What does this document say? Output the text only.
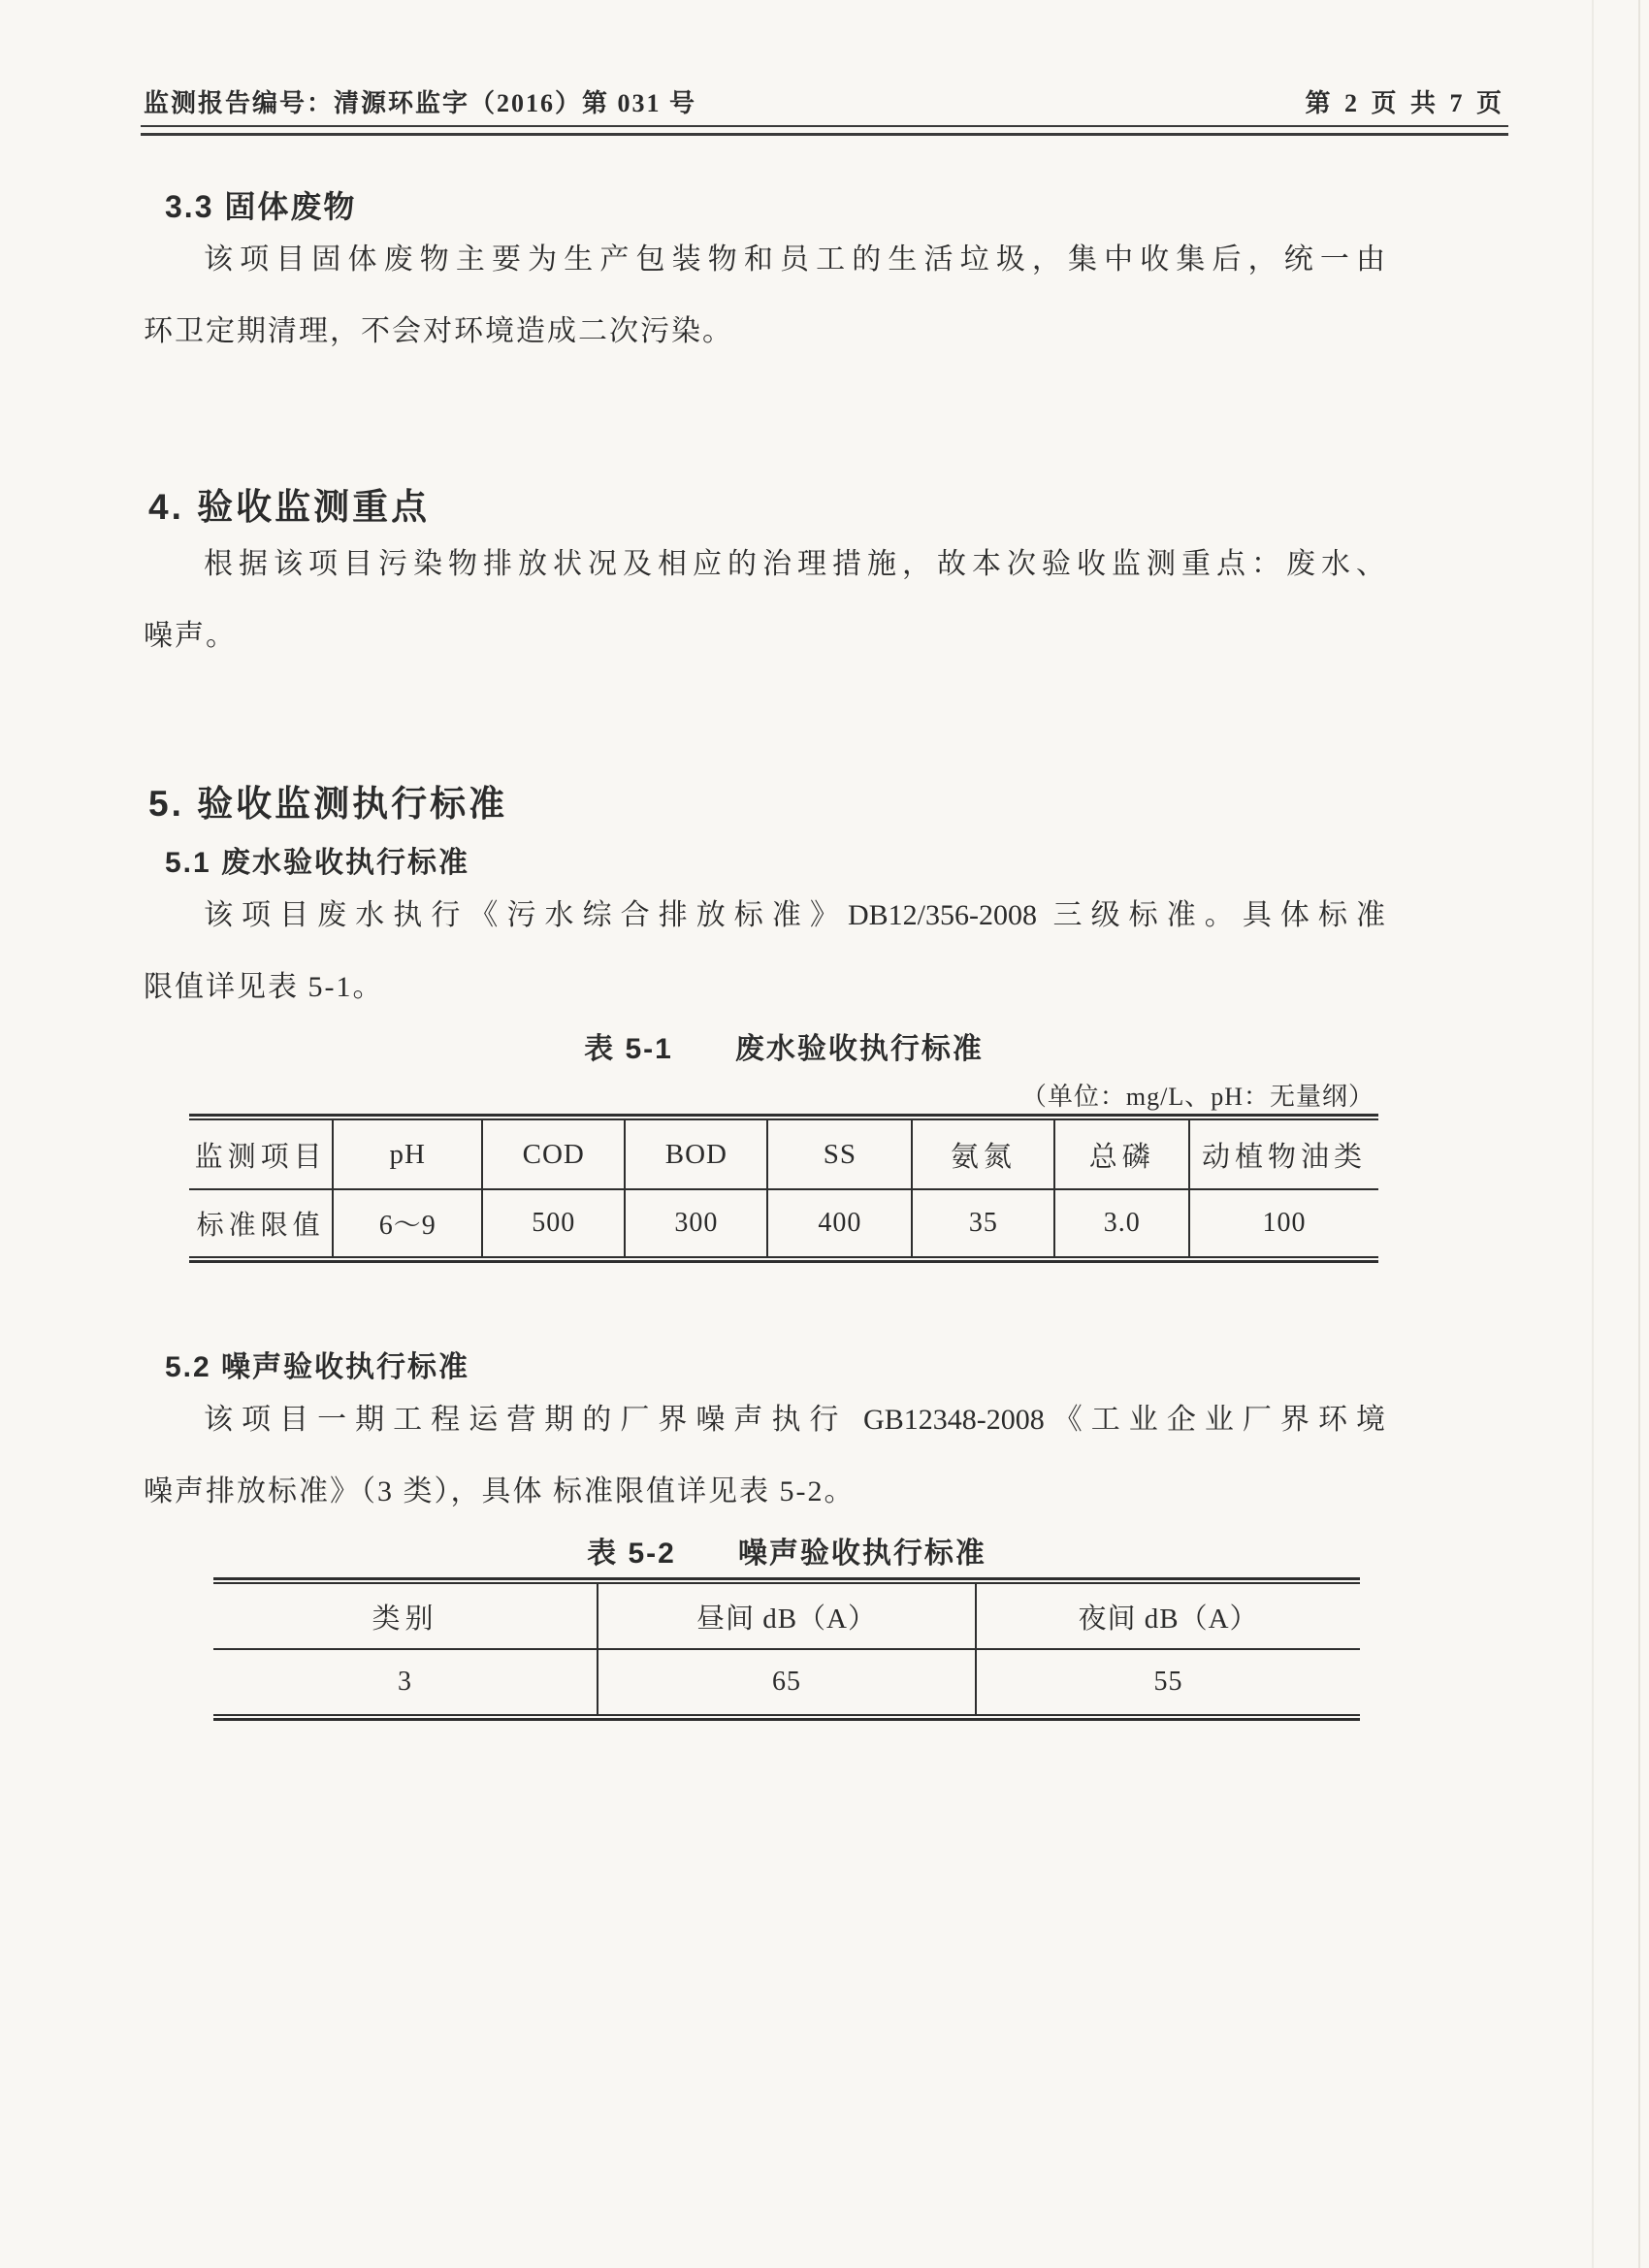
监测报告编号：清源环监字（2016）第 031 号	第 2 页 共 7 页
3.3 固体废物
该项目固体废物主要为生产包装物和员工的生活垃圾，集中收集后，统一由
环卫定期清理，不会对环境造成二次污染。
4. 验收监测重点
根据该项目污染物排放状况及相应的治理措施，故本次验收监测重点：废水、
噪声。
5. 验收监测执行标准
5.1 废水验收执行标准
该项目废水执行《污水综合排放标准》DB12/356-2008 三级标准。具体标准
限值详见表 5-1。
表 5-1　　废水验收执行标准
（单位：mg/L、pH：无量纲）
监测项目	pH	COD	BOD	SS	氨氮	总磷	动植物油类
标准限值	6～9	500	300	400	35	3.0	100
5.2 噪声验收执行标准
该项目一期工程运营期的厂界噪声执行 GB12348-2008《工业企业厂界环境
噪声排放标准》（3 类），具体 标准限值详见表 5-2。
表 5-2　　噪声验收执行标准
类别	昼间 dB（A）	夜间 dB（A）
3	65	55
